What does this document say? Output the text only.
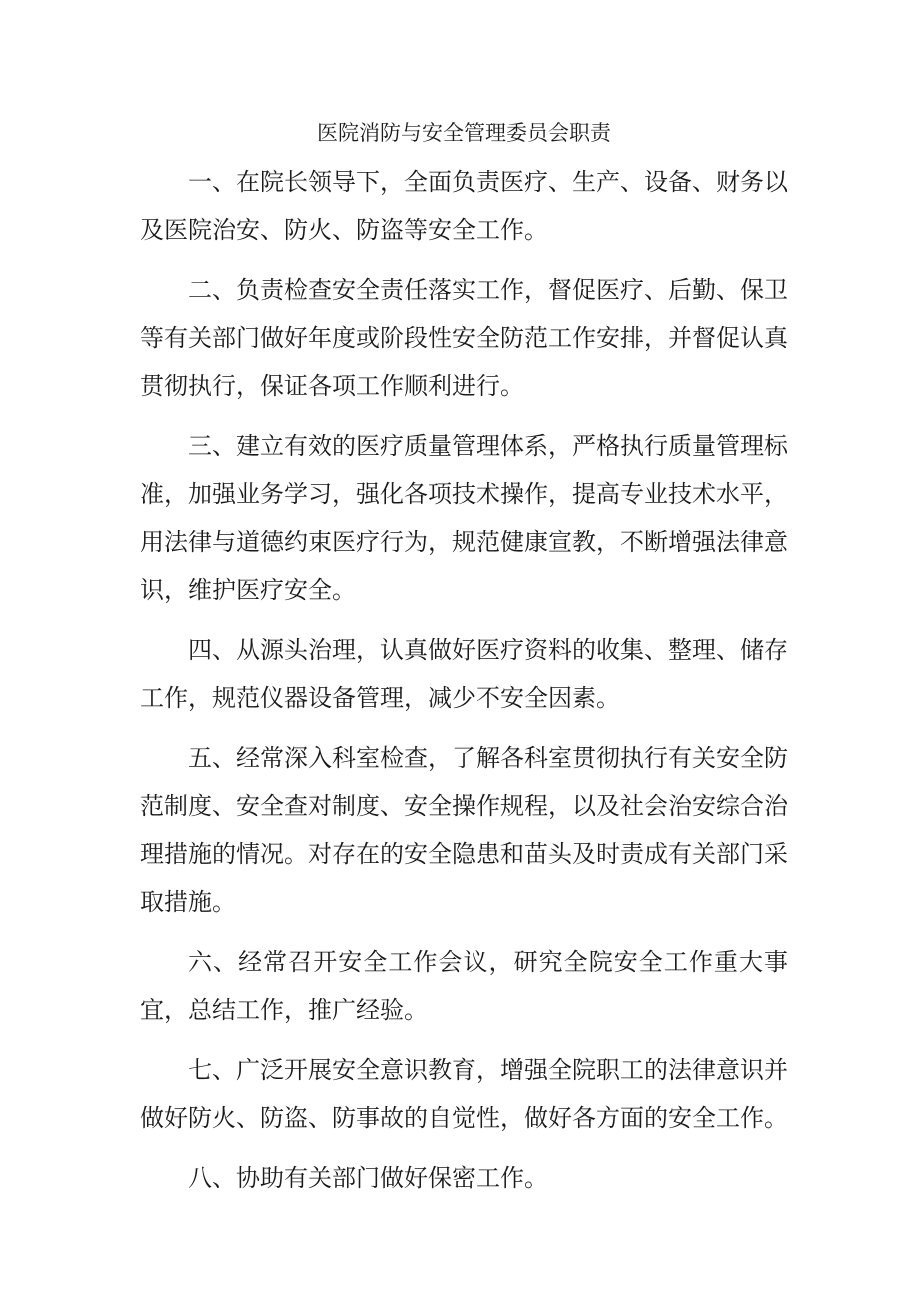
医院消防与安全管理委员会职责

一、在院长领导下，全面负责医疗、生产、设备、财务以及医院治安、防火、防盗等安全工作。

二、负责检查安全责任落实工作，督促医疗、后勤、保卫等有关部门做好年度或阶段性安全防范工作安排，并督促认真贯彻执行，保证各项工作顺利进行。

三、建立有效的医疗质量管理体系，严格执行质量管理标准，加强业务学习，强化各项技术操作，提高专业技术水平，用法律与道德约束医疗行为，规范健康宣教，不断增强法律意识，维护医疗安全。

四、从源头治理，认真做好医疗资料的收集、整理、储存工作，规范仪器设备管理，减少不安全因素。

五、经常深入科室检查，了解各科室贯彻执行有关安全防范制度、安全查对制度、安全操作规程，以及社会治安综合治理措施的情况。对存在的安全隐患和苗头及时责成有关部门采取措施。

六、经常召开安全工作会议，研究全院安全工作重大事宜，总结工作，推广经验。

七、广泛开展安全意识教育，增强全院职工的法律意识并做好防火、防盗、防事故的自觉性，做好各方面的安全工作。

八、协助有关部门做好保密工作。
